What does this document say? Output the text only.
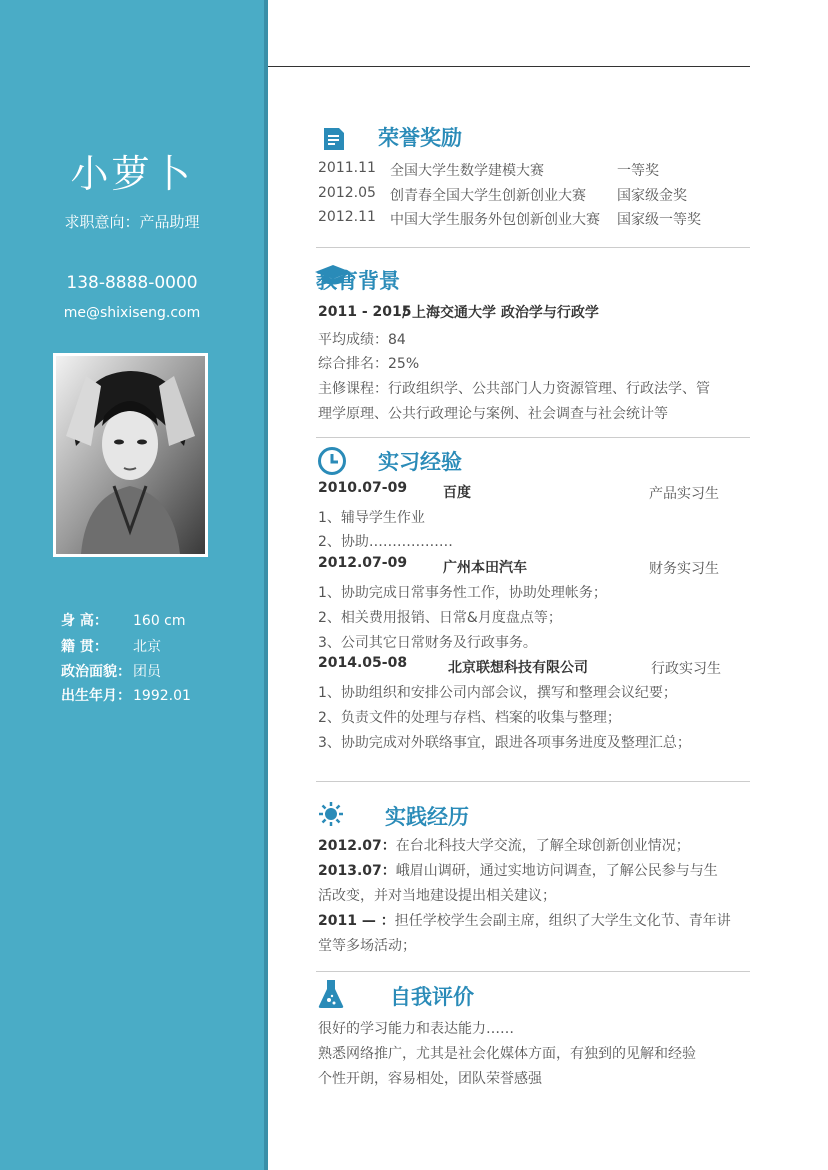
小萝卜
求职意向：产品助理
138-8888-0000
me@shixiseng.com
身 高： 160 cm
籍 贯： 北京
政治面貌： 团员
出生年月： 1992.01
荣誉奖励
2011.11 全国大学生数学建模大赛	一等奖
2012.05 创青春全国大学生创新创业大赛 国家级金奖
2012.11 中国大学生服务外包创新创业大赛 国家级一等奖
教育背景
2011 - 2015
/ 上海交通大学 政治学与行政学
平均成绩：84
综合排名：25%
主修课程：行政组织学、公共部门人力资源管理、行政法学、管
理学原理、公共行政理论与案例、社会调查与社会统计等
实习经验
2010.07-09	百度	产品实习生
1、辅导学生作业
2、协助………………
2012.07-09	广州本田汽车	财务实习生
1、协助完成日常事务性工作，协助处理帐务；
2、相关费用报销、日常&月度盘点等；
3、公司其它日常财务及行政事务。
2014.05-08	北京联想科技有限公司	行政实习生
1、协助组织和安排公司内部会议，撰写和整理会议纪要；
2、负责文件的处理与存档、档案的收集与整理；
3、协助完成对外联络事宜，跟进各项事务进度及整理汇总；
实践经历
2012.07：在台北科技大学交流，了解全球创新创业情况；
2013.07：峨眉山调研，通过实地访问调查，了解公民参与与生
活改变，并对当地建设提出相关建议；
2011 — ：担任学校学生会副主席，组织了大学生文化节、青年讲
堂等多场活动；
自我评价
很好的学习能力和表达能力……
熟悉网络推广，尤其是社会化媒体方面，有独到的见解和经验
个性开朗，容易相处，团队荣誉感强
